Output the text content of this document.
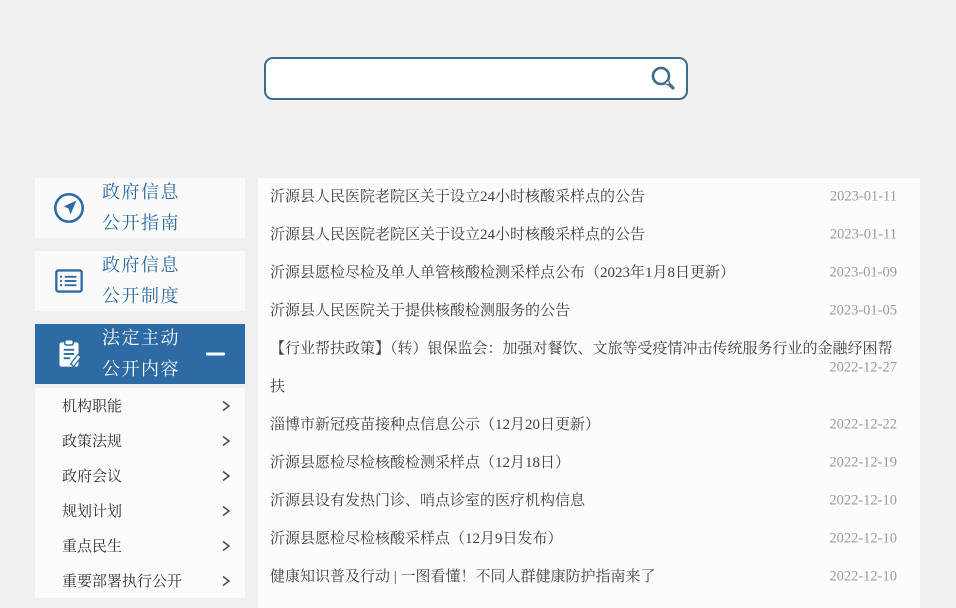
政府信息
公开指南
政府信息
公开制度
法定主动
公开内容
机构职能
政策法规
政府会议
规划计划
重点民生
重要部署执行公开
沂源县人民医院老院区关于设立24小时核酸采样点的公告	2023-01-11
沂源县人民医院老院区关于设立24小时核酸采样点的公告	2023-01-11
沂源县愿检尽检及单人单管核酸检测采样点公布（2023年1月8日更新）	2023-01-09
沂源县人民医院关于提供核酸检测服务的公告	2023-01-05
【行业帮扶政策】（转）银保监会：加强对餐饮、文旅等受疫情冲击传统服务行业的金融纾困帮扶
2022-12-27
淄博市新冠疫苗接种点信息公示（12月20日更新）	2022-12-22
沂源县愿检尽检核酸检测采样点（12月18日）	2022-12-19
沂源县设有发热门诊、哨点诊室的医疗机构信息	2022-12-10
沂源县愿检尽检核酸采样点（12月9日发布）	2022-12-10
健康知识普及行动 | 一图看懂！不同人群健康防护指南来了	2022-12-10
